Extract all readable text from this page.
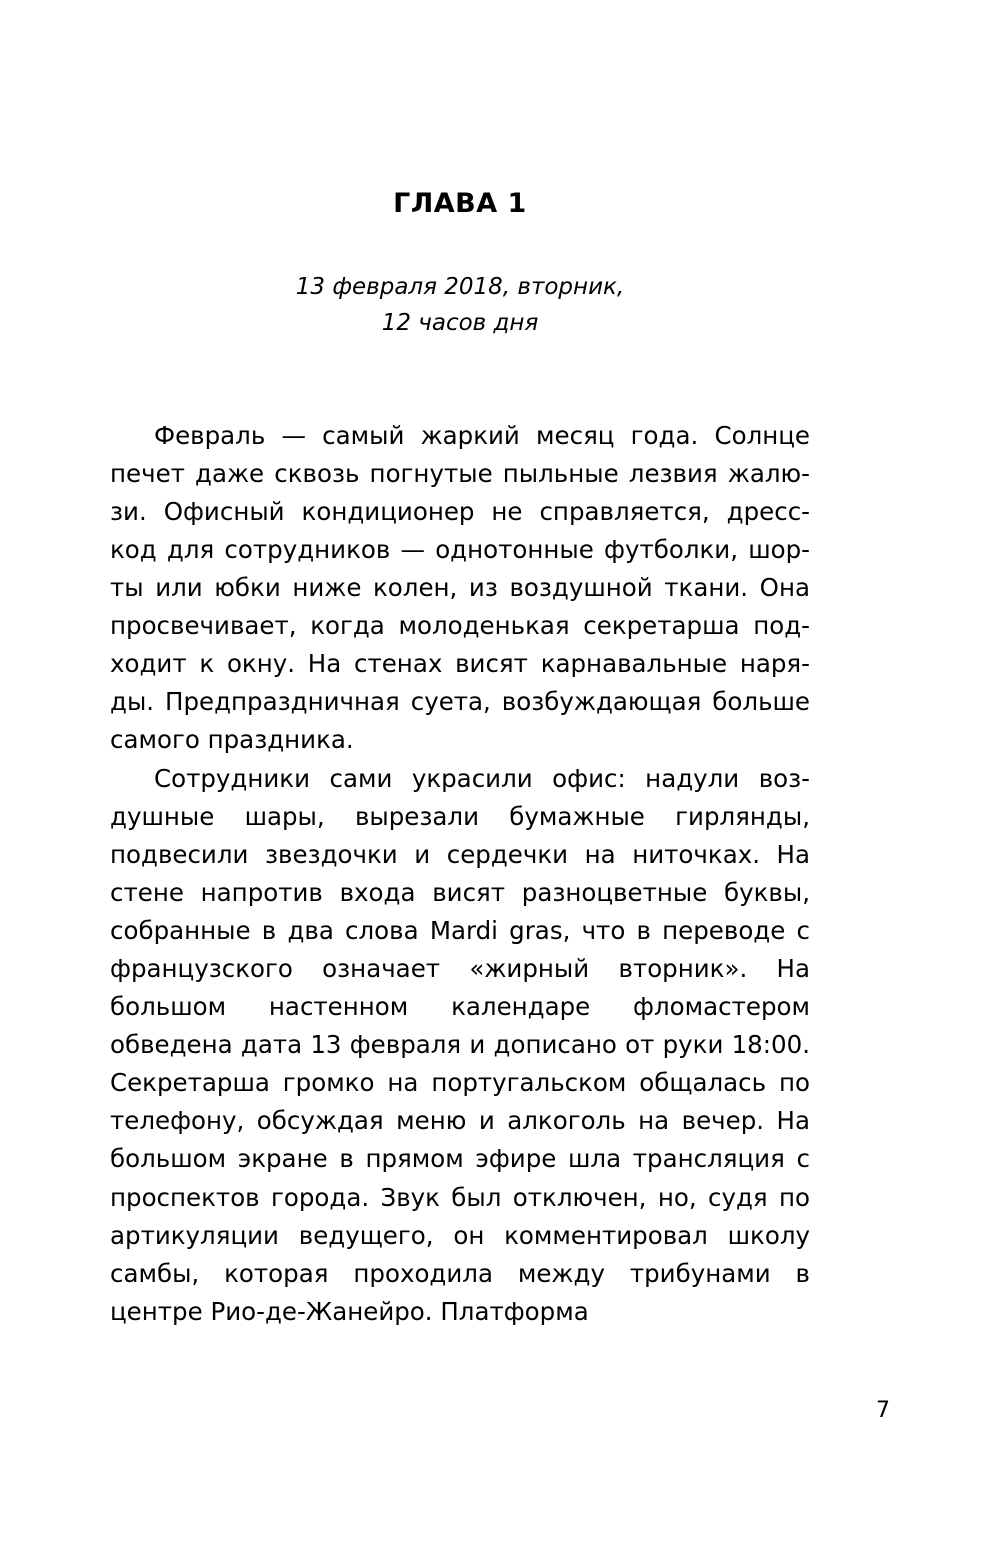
ГЛАВА 1
13 февраля 2018, вторник,
12 часов дня

Февраль — самый жаркий месяц года. Солнце печет даже сквозь погнутые пыльные лезвия жалюзи. Офисный кондиционер не справляется, дресс-код для сотрудников — однотонные футболки, шорты или юбки ниже колен, из воздушной ткани. Она просвечивает, когда молоденькая секретарша подходит к окну. На стенах висят карнавальные наряды. Предпраздничная суета, возбуждающая больше самого праздника.

Сотрудники сами украсили офис: надули воздушные шары, вырезали бумажные гирлянды, подвесили звездочки и сердечки на ниточках. На стене напротив входа висят разноцветные буквы, собранные в два слова Mardi gras, что в переводе с французского означает «жирный вторник». На большом настенном календаре фломастером обведена дата 13 февраля и дописано от руки 18:00. Секретарша громко на португальском общалась по телефону, обсуждая меню и алкоголь на вечер. На большом экране в прямом эфире шла трансляция с проспектов города. Звук был отключен, но, судя по артикуляции ведущего, он комментировал школу самбы, которая проходила между трибунами в центре Рио-де-Жанейро. Платформа

7
